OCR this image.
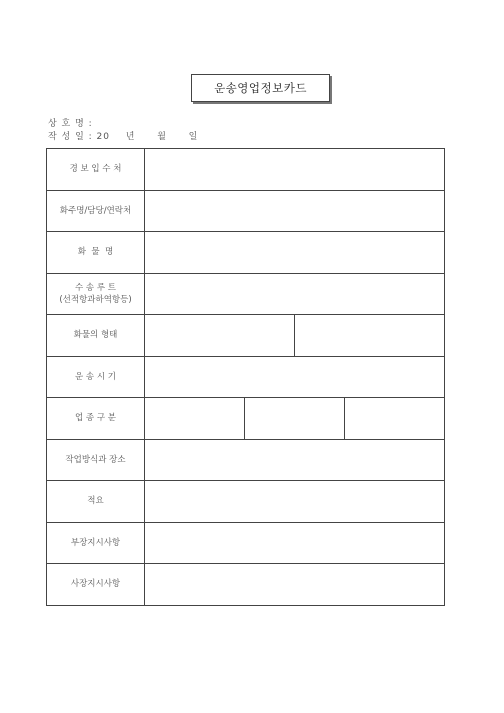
운송영업정보카드
상 호 명 :
작 성 일 : 20 년 월 일
경 보 입 수 처				
화주명/담당/연락처				
화  물  명				

수 송 루 트
(선적항과하역항등)				

화물의 형태				
운 송 시 기				
업 종 구 분				
작업방식과 장소				
적요				
부장지시사항				
사장지시사항				
